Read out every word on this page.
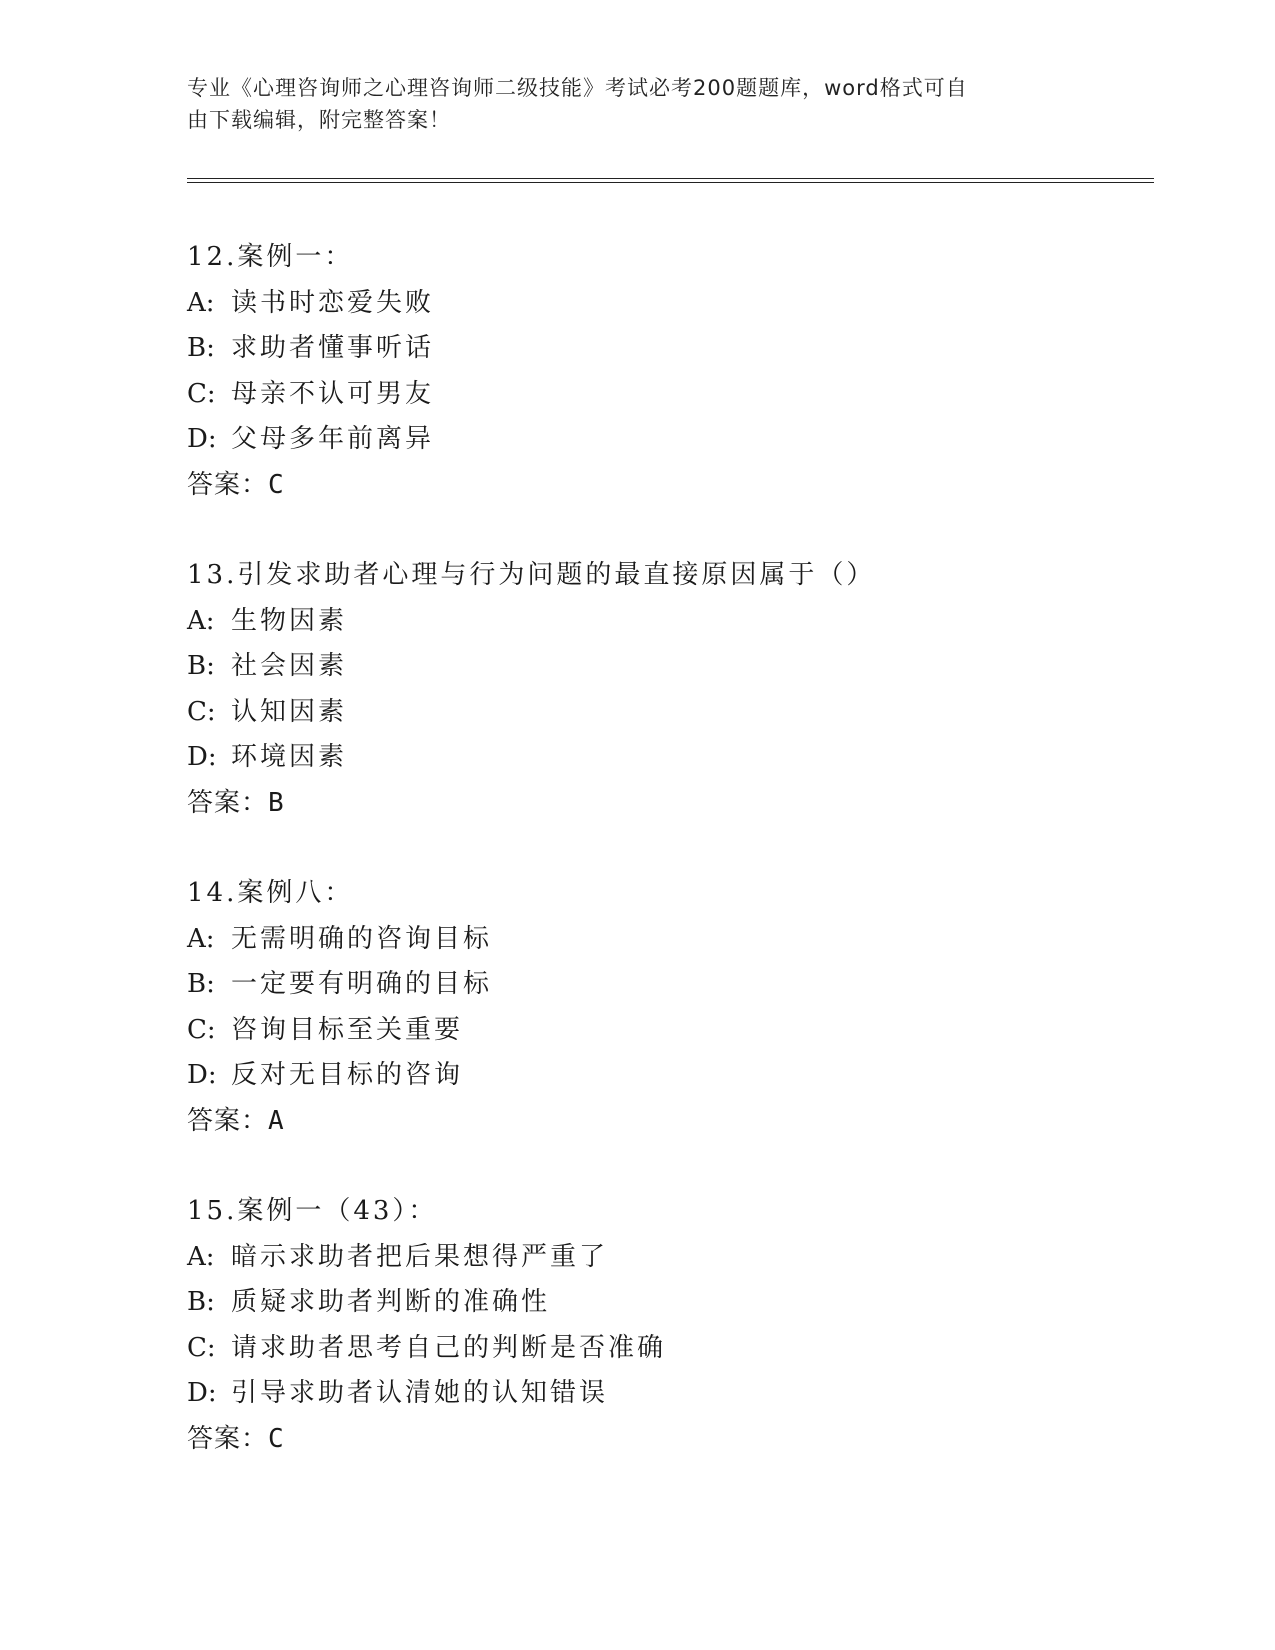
专业《心理咨询师之心理咨询师二级技能》考试必考200题题库，word格式可自
由下载编辑，附完整答案！
12.案例一：
A: 读书时恋爱失败
B: 求助者懂事听话
C: 母亲不认可男友
D: 父母多年前离异
答案：C
13.引发求助者心理与行为问题的最直接原因属于（）
A: 生物因素
B: 社会因素
C: 认知因素
D: 环境因素
答案：B
14.案例八：
A: 无需明确的咨询目标
B: 一定要有明确的目标
C: 咨询目标至关重要
D: 反对无目标的咨询
答案：A
15.案例一（43）：
A: 暗示求助者把后果想得严重了
B: 质疑求助者判断的准确性
C: 请求助者思考自己的判断是否准确
D: 引导求助者认清她的认知错误
答案：C
